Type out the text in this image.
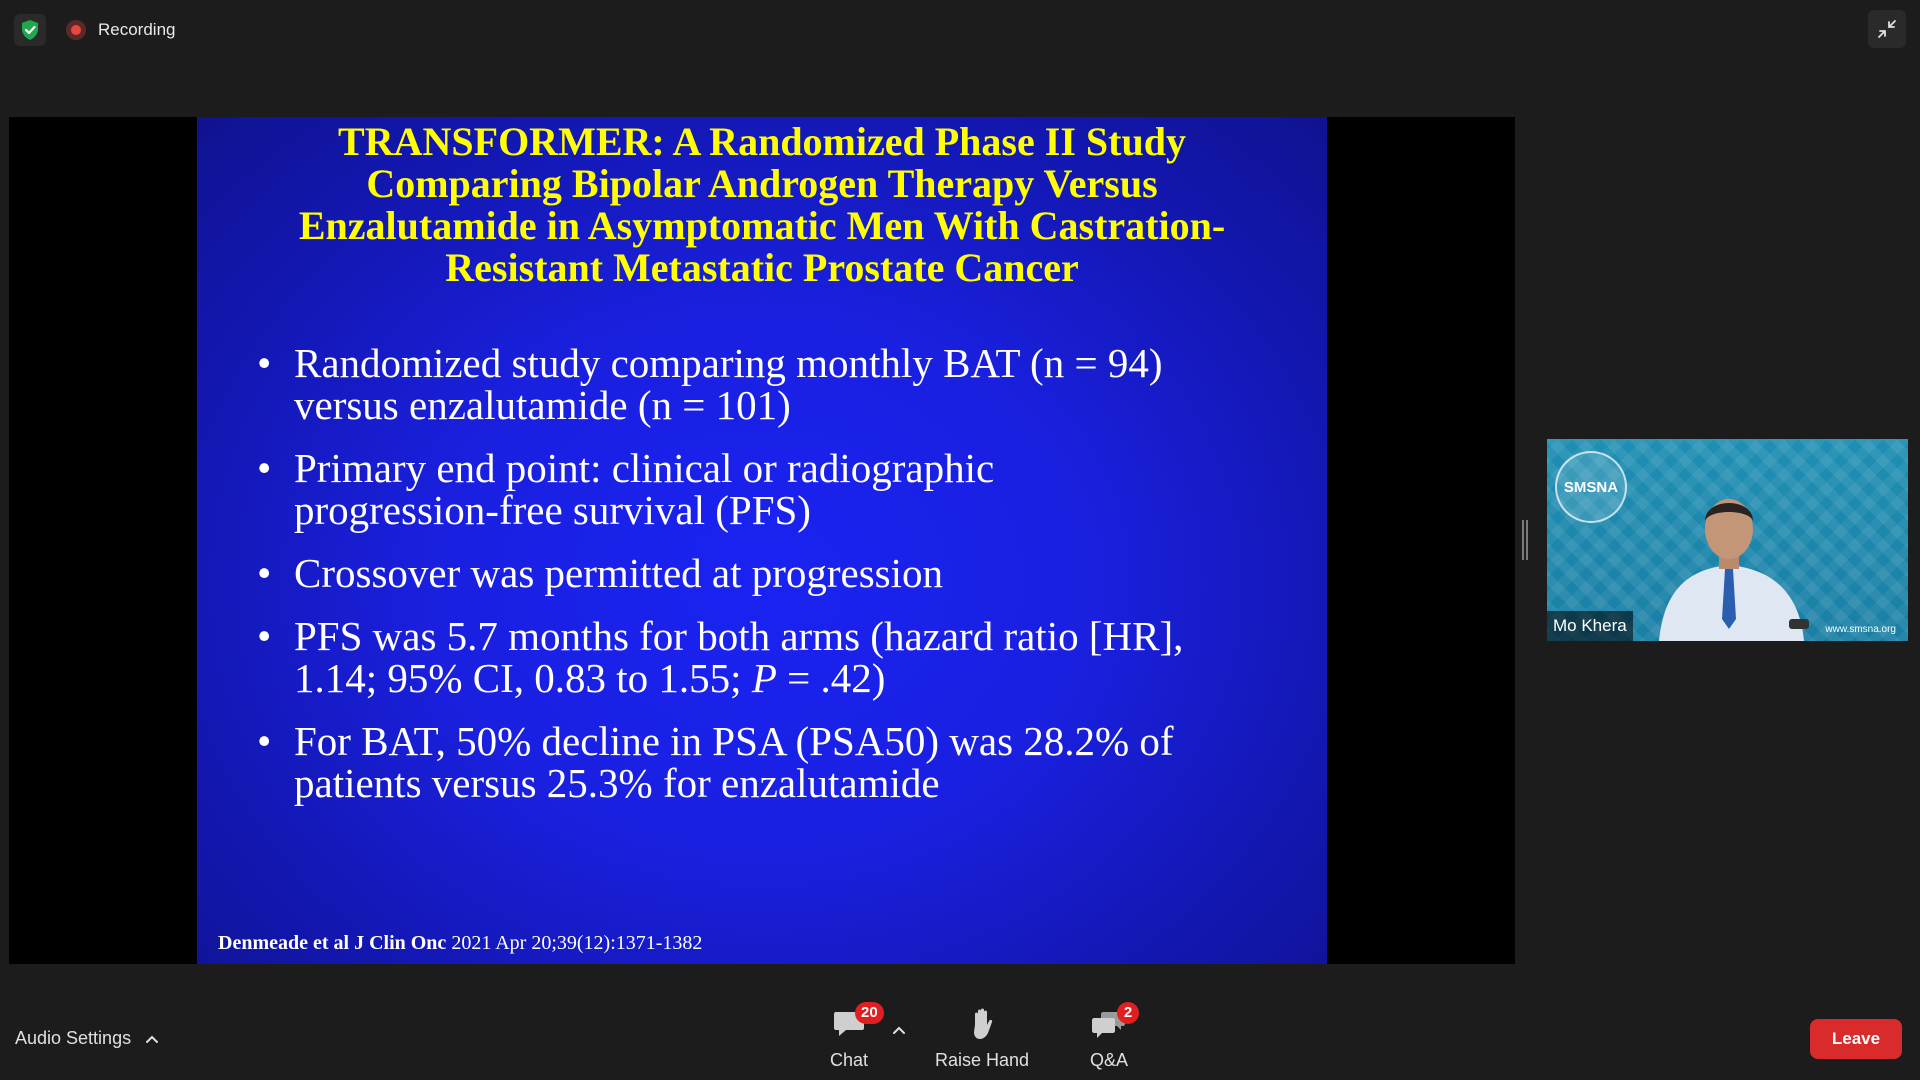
Recording
TRANSFORMER: A Randomized Phase II Study
Comparing Bipolar Androgen Therapy Versus
Enzalutamide in Asymptomatic Men With Castration-
Resistant Metastatic Prostate Cancer
• Randomized study comparing monthly BAT (n = 94)
versus enzalutamide (n = 101)
• Primary end point: clinical or radiographic
progression-free survival (PFS)
• Crossover was permitted at progression
• PFS was 5.7 months for both arms (hazard ratio [HR],
1.14; 95% CI, 0.83 to 1.55; P = .42)
• For BAT, 50% decline in PSA (PSA50) was 28.2% of
patients versus 25.3% for enzalutamide
Denmeade et al J Clin Onc 2021 Apr 20;39(12):1371-1382
SMSNA
Mo Khera	www.smsna.org
Audio Settings
20
Chat	Raise Hand
2
Q&A
Leave
